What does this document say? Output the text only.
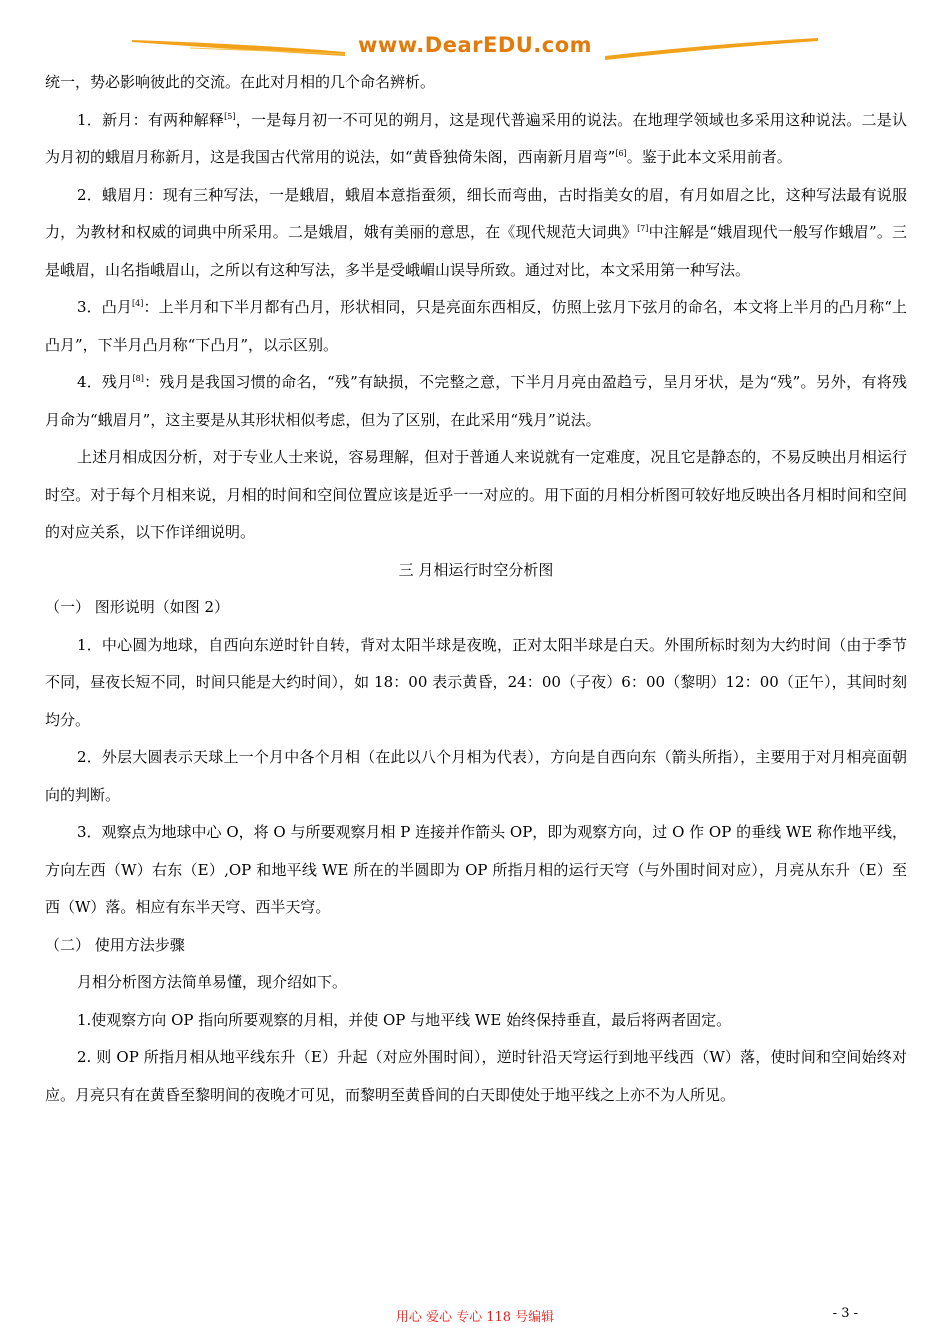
www.DearEDU.com

统一，势必影响彼此的交流。在此对月相的几个命名辨析。

1．新月：有两种解释[5]，一是每月初一不可见的朔月，这是现代普遍采用的说法。在地理学领域也多采用这种说法。二是认为月初的蛾眉月称新月，这是我国古代常用的说法，如“黄昏独倚朱阁，西南新月眉弯”[6]。鉴于此本文采用前者。

2．蛾眉月：现有三种写法，一是蛾眉，蛾眉本意指蚕须，细长而弯曲，古时指美女的眉，有月如眉之比，这种写法最有说服力，为教材和权威的词典中所采用。二是娥眉，娥有美丽的意思，在《现代规范大词典》[7]中注解是“娥眉现代一般写作蛾眉”。三是峨眉，山名指峨眉山，之所以有这种写法，多半是受峨嵋山误导所致。通过对比，本文采用第一种写法。

3．凸月[4]：上半月和下半月都有凸月，形状相同，只是亮面东西相反，仿照上弦月下弦月的命名，本文将上半月的凸月称“上凸月”，下半月凸月称“下凸月”，以示区别。

4．残月[8]：残月是我国习惯的命名，“残”有缺损，不完整之意，下半月月亮由盈趋亏，呈月牙状，是为“残”。另外，有将残月命为“蛾眉月”，这主要是从其形状相似考虑，但为了区别，在此采用“残月”说法。

上述月相成因分析，对于专业人士来说，容易理解，但对于普通人来说就有一定难度，况且它是静态的，不易反映出月相运行时空。对于每个月相来说，月相的时间和空间位置应该是近乎一一对应的。用下面的月相分析图可较好地反映出各月相时间和空间的对应关系，以下作详细说明。

三 月相运行时空分析图

（一） 图形说明（如图 2）

1．中心圆为地球，自西向东逆时针自转，背对太阳半球是夜晚，正对太阳半球是白天。外围所标时刻为大约时间（由于季节不同，昼夜长短不同，时间只能是大约时间），如 18：00 表示黄昏，24：00（子夜）6：00（黎明）12：00（正午），其间时刻均分。

2．外层大圆表示天球上一个月中各个月相（在此以八个月相为代表），方向是自西向东（箭头所指），主要用于对月相亮面朝向的判断。

3．观察点为地球中心 O，将 O 与所要观察月相 P 连接并作箭头 OP，即为观察方向，过 O 作 OP 的垂线 WE 称作地平线，方向左西（W）右东（E）,OP 和地平线 WE 所在的半圆即为 OP 所指月相的运行天穹（与外围时间对应），月亮从东升（E）至西（W）落。相应有东半天穹、西半天穹。

（二） 使用方法步骤

月相分析图方法简单易懂，现介绍如下。

1.使观察方向 OP 指向所要观察的月相，并使 OP 与地平线 WE 始终保持垂直，最后将两者固定。

2. 则 OP 所指月相从地平线东升（E）升起（对应外围时间），逆时针沿天穹运行到地平线西（W）落，使时间和空间始终对应。月亮只有在黄昏至黎明间的夜晚才可见，而黎明至黄昏间的白天即使处于地平线之上亦不为人所见。

用心 爱心 专心 118 号编辑	- 3 -
